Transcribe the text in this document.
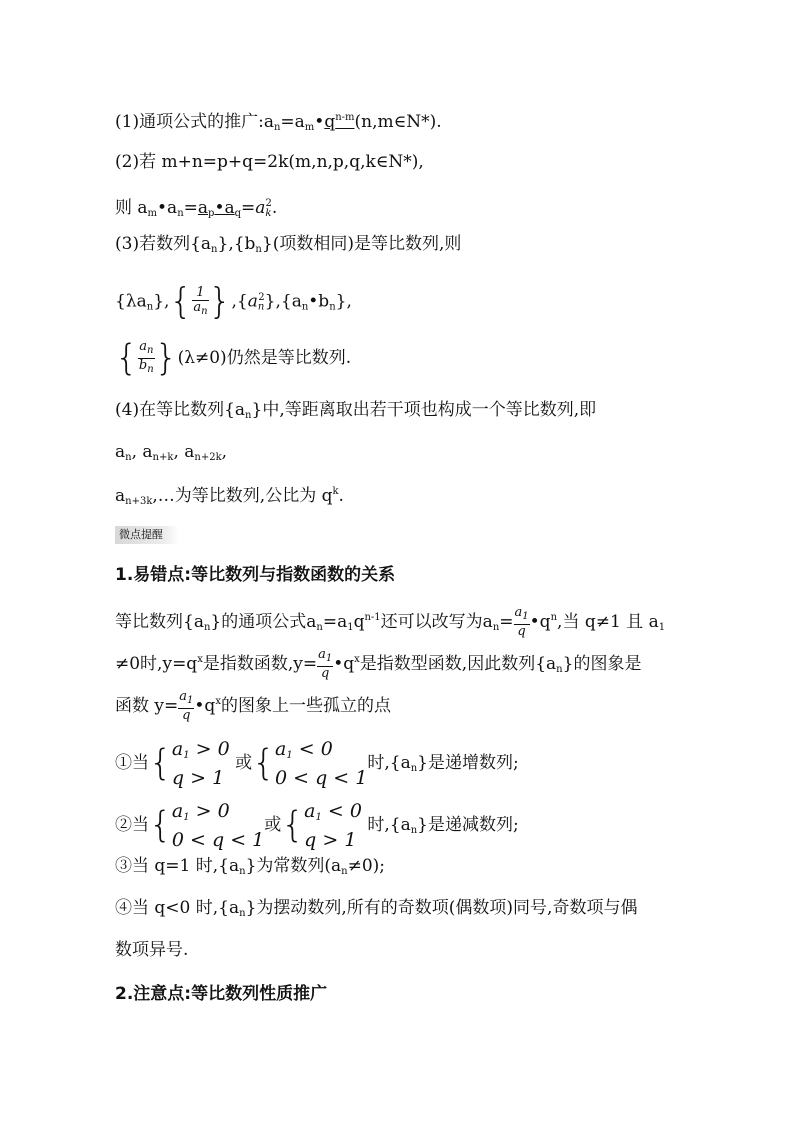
(1)通项公式的推广$:a_n=a_m•q^{n-m}(n,m\in N*)$.
(2)若 m+n=p+q=2k(m,n,p,q,k∈N*),
则 $a_m•a_n=a_p•a_q=a_k^2$.
(3)若数列$\{a_n\},\{b_n\}$(项数相同)是等比数列,则
$\{\lambda a_n\},\{ \frac{1}{a_n}$ }$,\{a_n^2\},\{a_n•b_n\}$,
{ $\frac{a_n}{b_n} \}(\lambda\ne 0)$仍然是等比数列.
(4)在等比数列$\{a_n\}$中,等距离取出若干项也构成一个等比数列,即
$a_n$, $a_{n+k}$, $a_{n+2k}$,
$a_{n+3k},\dots$为等比数列,公比为 $q^k$.
微点提醒
1.易错点:等比数列与指数函数的关系
等比数列$\{a_n\}$的通项公式$a_n=a_1q^{n-1}$还可以改写为$a_n= \frac{a_1}{q}$ $•q^n$,当 q≠1 且 $a_1$
≠0时$,y=q^x$是指数函数$,y= \frac{a_1}{q}$ $•q^x$是指数型函数,因此数列$\{a_n\}$的图象是
函数 $y= \frac{a_1}{q}$ $•q^x$的图象上一些孤立的点
①当{ $a_1 > 0$
q > 1
或{ $a_1 < 0$
0 < q < 1
时$,\{a_n\}$是递增数列;
②当{ $a_1 > 0$
0 < q < 1
或{ $a_1 < 0$
q > 1
时$,\{a_n\}$是递减数列;
③当 q=1 时$,\{a_n\}$为常数列$(a_n\ne 0)$;
④当 q<0 时$,\{a_n\}$为摆动数列,所有的奇数项(偶数项)同号,奇数项与偶
数项异号.
2.注意点:等比数列性质推广
